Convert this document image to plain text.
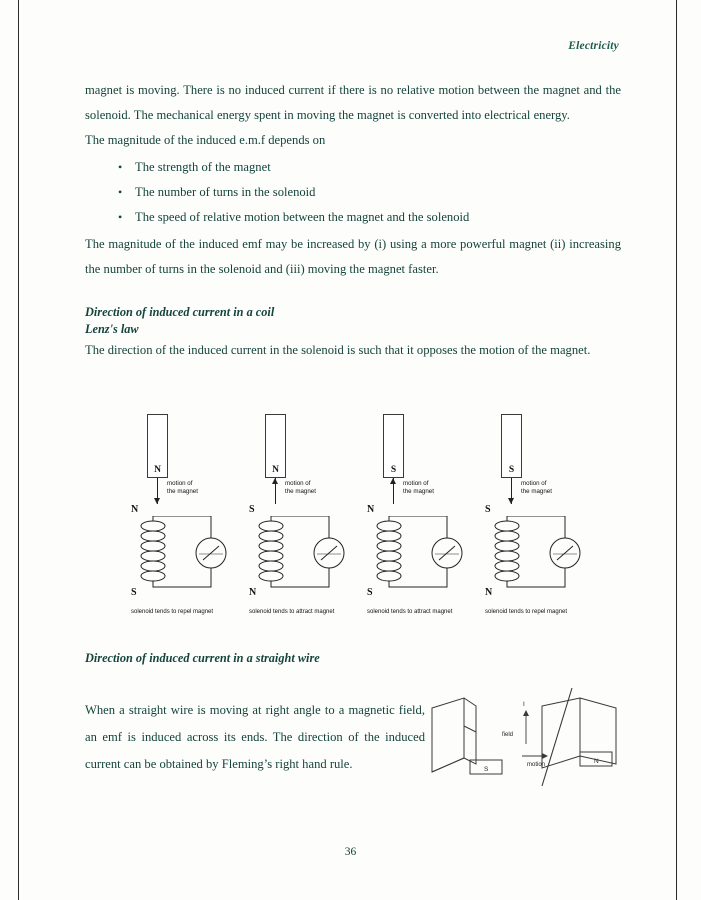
Electricity

magnet is moving. There is no induced current if there is no relative motion between the magnet and the solenoid. The mechanical energy spent in moving the magnet is converted into electrical energy.

The magnitude of the induced e.m.f depends on

• The strength of the magnet
• The number of turns in the solenoid
• The speed of relative motion between the magnet and the solenoid

The magnitude of the induced emf may be increased by (i) using a more powerful magnet (ii) increasing the number of turns in the solenoid and (iii) moving the magnet faster.

Direction of induced current in a coil
Lenz's law

The direction of the induced current in the solenoid is such that it opposes the motion of the magnet.

N
motion of
the magnet
N
S
solenoid tends to repel magnet
N
motion of
the magnet
S
N
solenoid tends to attract magnet
S
motion of
the magnet
N
S
solenoid tends to attract magnet
S
motion of
the magnet
S
N
solenoid tends to repel magnet
Direction of induced current in a straight wire

When a straight wire is moving at right angle to a magnetic field, an emf is induced across its ends. The direction of the induced current can be obtained by Fleming’s right hand rule.

I
field
motion
S
N
36
